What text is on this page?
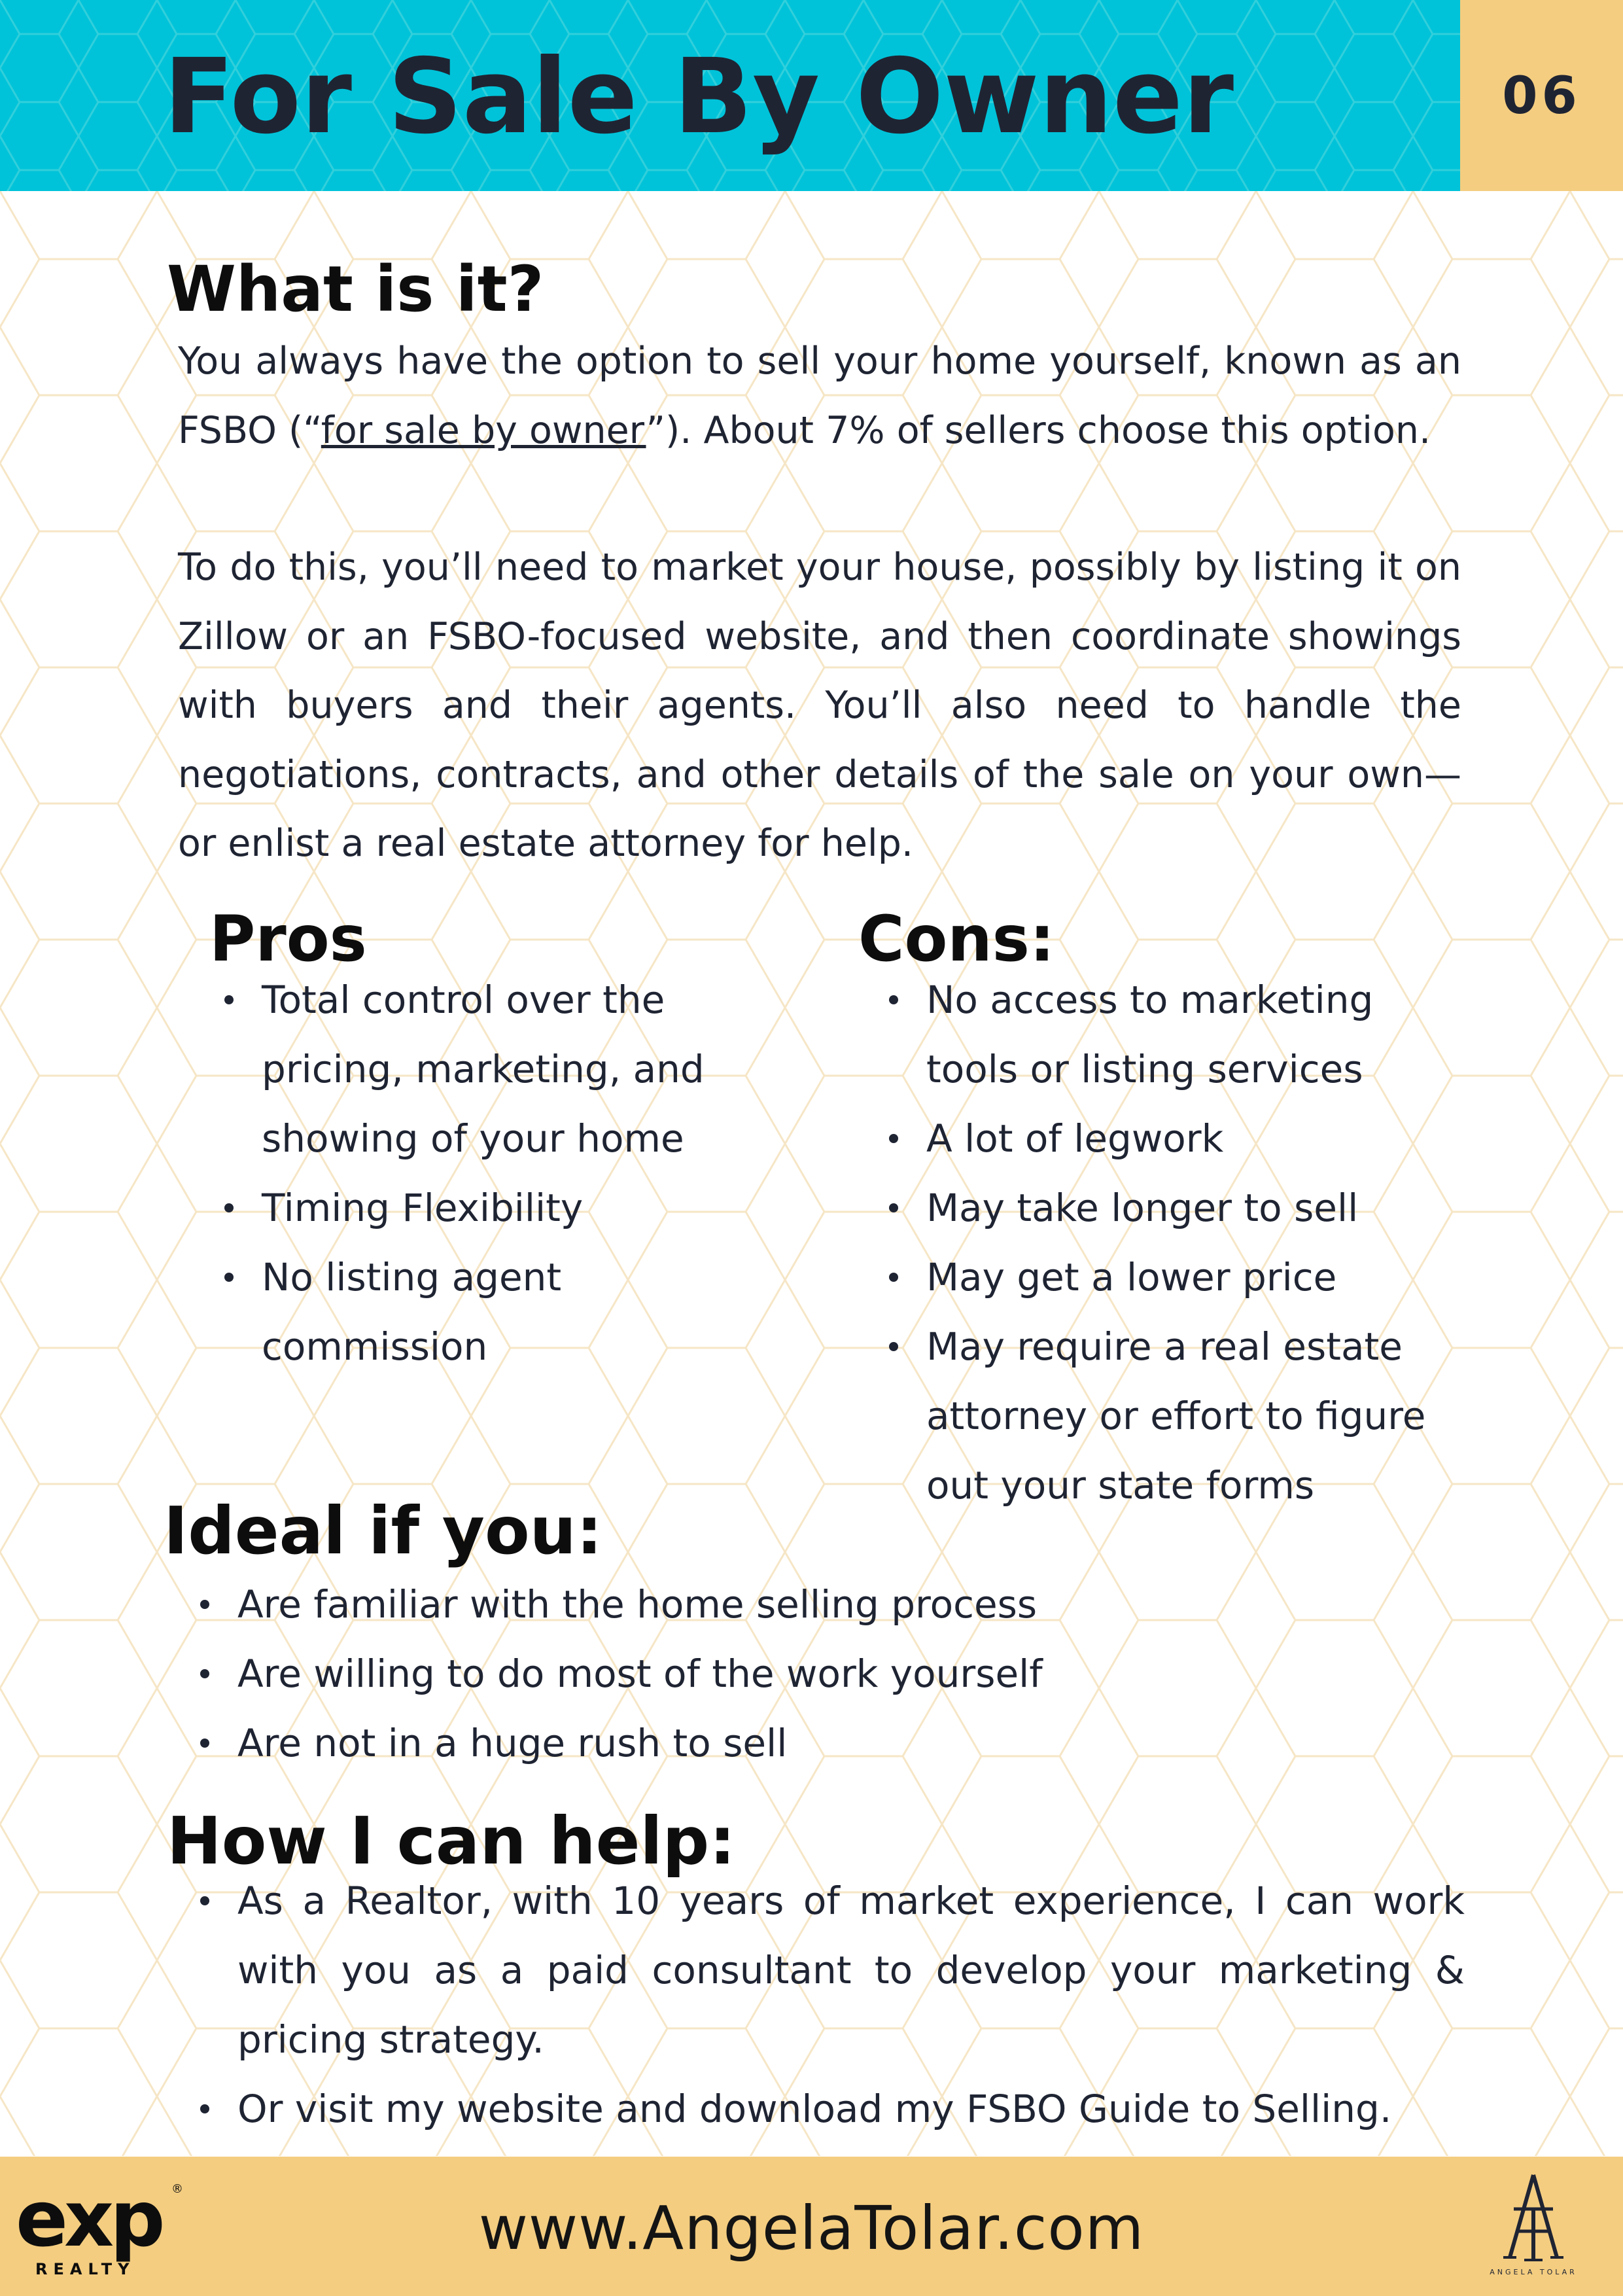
For Sale By Owner	06
What is it?

You always have the option to sell your home yourself, known as an FSBO (“for sale by owner”). About 7% of sellers choose this option.

To do this, you’ll need to market your house, possibly by listing it on Zillow or an FSBO-focused website, and then coordinate showings with buyers and their agents. You’ll also need to handle the negotiations, contracts, and other details of the sale on your own—or enlist a real estate attorney for help.

Pros
Total control over the pricing, marketing, and showing of your home
Timing Flexibility
No listing agent commission
Cons:
No access to marketing tools or listing services
A lot of legwork
May take longer to sell
May get a lower price
May require a real estate attorney or effort to figure out your state forms
Ideal if you:
Are familiar with the home selling process
Are willing to do most of the work yourself
Are not in a huge rush to sell
How I can help:
As a Realtor, with 10 years of market experience, I can work with you as a paid consultant to develop your marketing & pricing strategy.
Or visit my website and download my FSBO Guide to Selling.
exp ®
REALTY
www.AngelaTolar.com
ANGELA TOLAR
